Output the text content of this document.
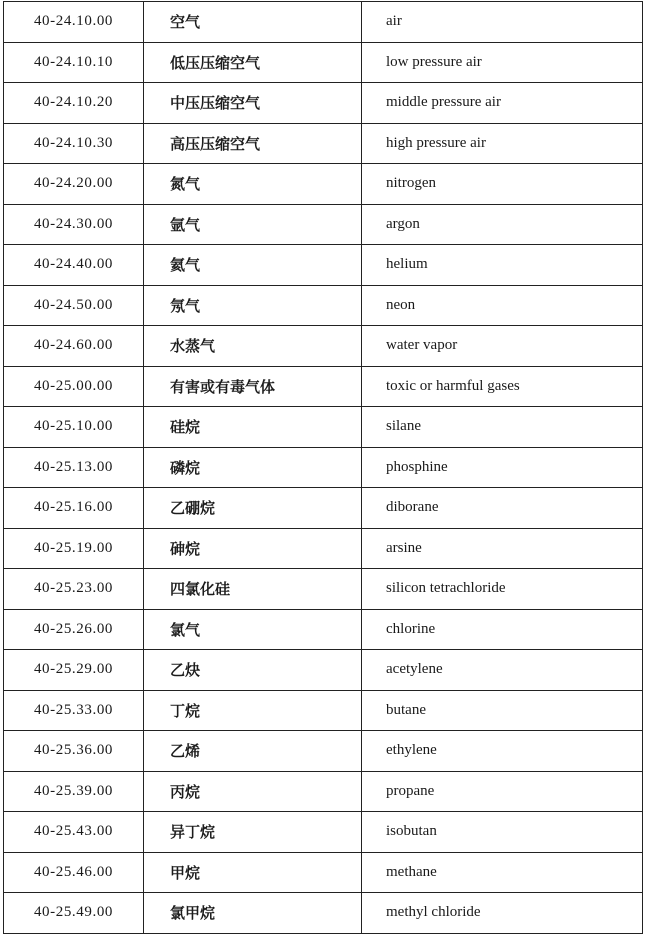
40-24.10.00	空气	air
40-24.10.10	低压压缩空气	low pressure air
40-24.10.20	中压压缩空气	middle pressure air
40-24.10.30	高压压缩空气	high pressure air
40-24.20.00	氮气	nitrogen
40-24.30.00	氩气	argon
40-24.40.00	氦气	helium
40-24.50.00	氖气	neon
40-24.60.00	水蒸气	water vapor
40-25.00.00	有害或有毒气体	toxic or harmful gases
40-25.10.00	硅烷	silane
40-25.13.00	磷烷	phosphine
40-25.16.00	乙硼烷	diborane
40-25.19.00	砷烷	arsine
40-25.23.00	四氯化硅	silicon tetrachloride
40-25.26.00	氯气	chlorine
40-25.29.00	乙炔	acetylene
40-25.33.00	丁烷	butane
40-25.36.00	乙烯	ethylene
40-25.39.00	丙烷	propane
40-25.43.00	异丁烷	isobutan
40-25.46.00	甲烷	methane
40-25.49.00	氯甲烷	methyl chloride
